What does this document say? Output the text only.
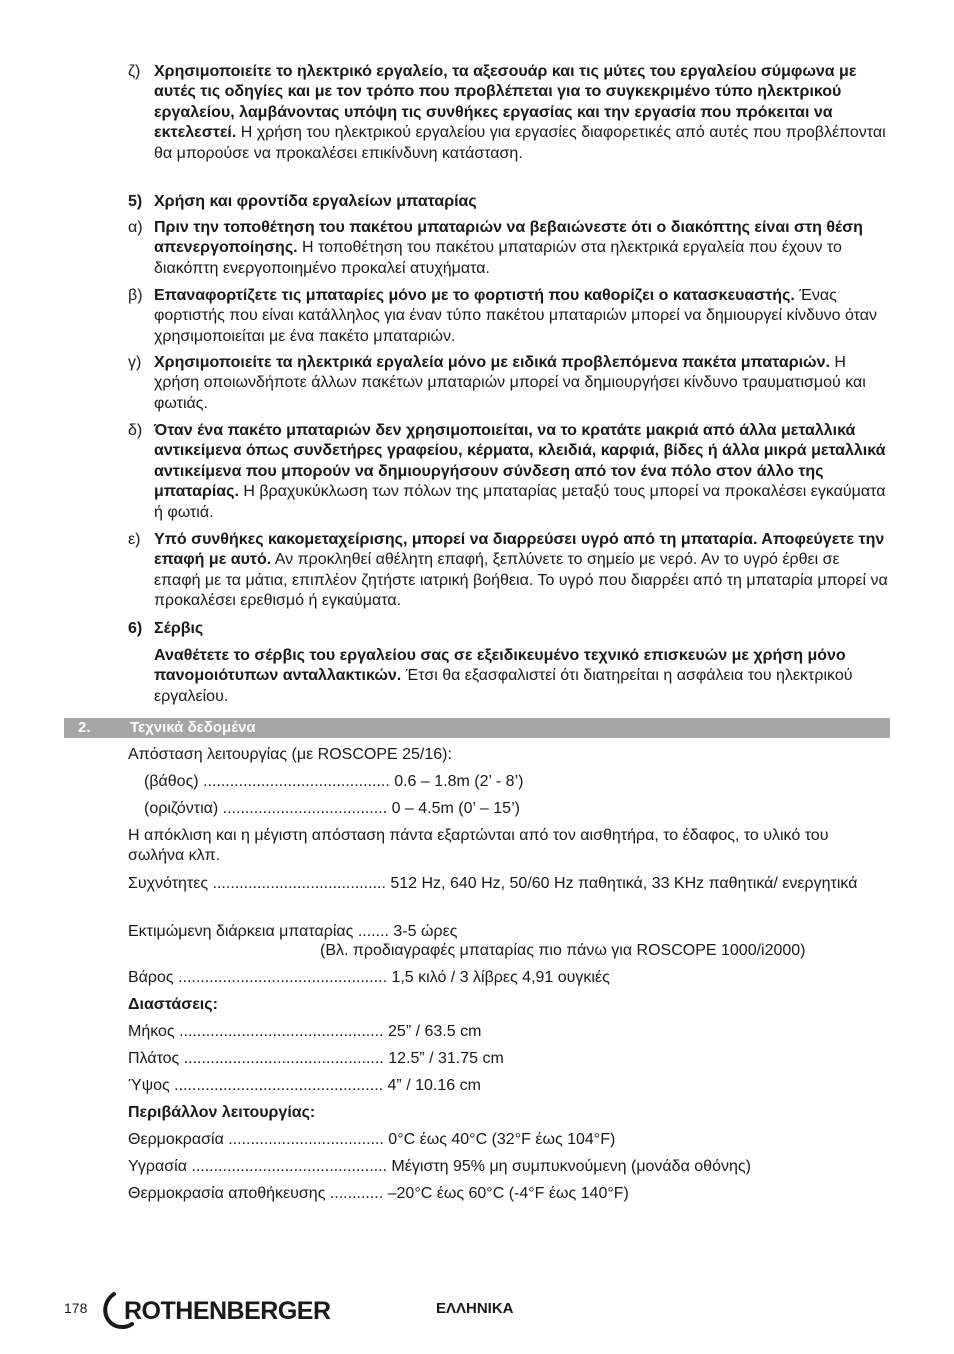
ζ) Χρησιμοποιείτε το ηλεκτρικό εργαλείο, τα αξεσουάρ και τις μύτες του εργαλείου σύμφωνα με αυτές τις οδηγίες και με τον τρόπο που προβλέπεται για το συγκεκριμένο τύπο ηλεκτρικού εργαλείου, λαμβάνοντας υπόψη τις συνθήκες εργασίας και την εργασία που πρόκειται να εκτελεστεί. Η χρήση του ηλεκτρικού εργαλείου για εργασίες διαφορετικές από αυτές που προβλέπονται θα μπορούσε να προκαλέσει επικίνδυνη κατάσταση.
5) Χρήση και φροντίδα εργαλείων μπαταρίας
α) Πριν την τοποθέτηση του πακέτου μπαταριών να βεβαιώνεστε ότι ο διακόπτης είναι στη θέση απενεργοποίησης. Η τοποθέτηση του πακέτου μπαταριών στα ηλεκτρικά εργαλεία που έχουν το διακόπτη ενεργοποιημένο προκαλεί ατυχήματα.
β) Επαναφορτίζετε τις μπαταρίες μόνο με το φορτιστή που καθορίζει ο κατασκευαστής. Ένας φορτιστής που είναι κατάλληλος για έναν τύπο πακέτου μπαταριών μπορεί να δημιουργεί κίνδυνο όταν χρησιμοποιείται με ένα πακέτο μπαταριών.
γ) Χρησιμοποιείτε τα ηλεκτρικά εργαλεία μόνο με ειδικά προβλεπόμενα πακέτα μπαταριών. Η χρήση οποιωνδήποτε άλλων πακέτων μπαταριών μπορεί να δημιουργήσει κίνδυνο τραυματισμού και φωτιάς.
δ) Όταν ένα πακέτο μπαταριών δεν χρησιμοποιείται, να το κρατάτε μακριά από άλλα μεταλλικά αντικείμενα όπως συνδετήρες γραφείου, κέρματα, κλειδιά, καρφιά, βίδες ή άλλα μικρά μεταλλικά αντικείμενα που μπορούν να δημιουργήσουν σύνδεση από τον ένα πόλο στον άλλο της μπαταρίας. Η βραχυκύκλωση των πόλων της μπαταρίας μεταξύ τους μπορεί να προκαλέσει εγκαύματα ή φωτιά.
ε) Υπό συνθήκες κακομεταχείρισης, μπορεί να διαρρεύσει υγρό από τη μπαταρία. Αποφεύγετε την επαφή με αυτό. Αν προκληθεί αθέλητη επαφή, ξεπλύνετε το σημείο με νερό. Αν το υγρό έρθει σε επαφή με τα μάτια, επιπλέον ζητήστε ιατρική βοήθεια. Το υγρό που διαρρέει από τη μπαταρία μπορεί να προκαλέσει ερεθισμό ή εγκαύματα.
6) Σέρβις
Αναθέτετε το σέρβις του εργαλείου σας σε εξειδικευμένο τεχνικό επισκευών με χρήση μόνο πανομοιότυπων ανταλλακτικών. Έτσι θα εξασφαλιστεί ότι διατηρείται η ασφάλεια του ηλεκτρικού εργαλείου.
2.	Τεχνικά δεδομένα
Απόσταση λειτουργίας (με ROSCOPE 25/16):
(βάθος) .......................................... 0.6 – 1.8m (2’ - 8’)
(οριζόντια) ..................................... 0 – 4.5m (0’ – 15’)
Η απόκλιση και η μέγιστη απόσταση πάντα εξαρτώνται από τον αισθητήρα, το έδαφος, το υλικό του σωλήνα κλπ.
Συχνότητες ....................................... 512 Hz, 640 Hz, 50/60 Hz παθητικά, 33 KHz παθητικά/ ενεργητικά
Εκτιμώμενη διάρκεια μπαταρίας ....... 3-5 ώρες
(Βλ. προδιαγραφές μπαταρίας πιο πάνω για ROSCOPE 1000/i2000)
Βάρος ............................................... 1,5 κιλό / 3 λίβρες 4,91 ουγκιές
Διαστάσεις:
Μήκος .............................................. 25” / 63.5 cm
Πλάτος ............................................. 12.5” / 31.75 cm
Ύψος ............................................... 4” / 10.16 cm
Περιβάλλον λειτουργίας:
Θερμοκρασία ................................... 0°C έως 40°C (32°F έως 104°F)
Υγρασία ............................................ Μέγιστη 95% μη συμπυκνούμενη (μονάδα οθόνης)
Θερμοκρασία αποθήκευσης ............ –20°C έως 60°C (-4°F έως 140°F)
178 ROTHENBERGER	ΕΛΛΗΝΙΚΑ
